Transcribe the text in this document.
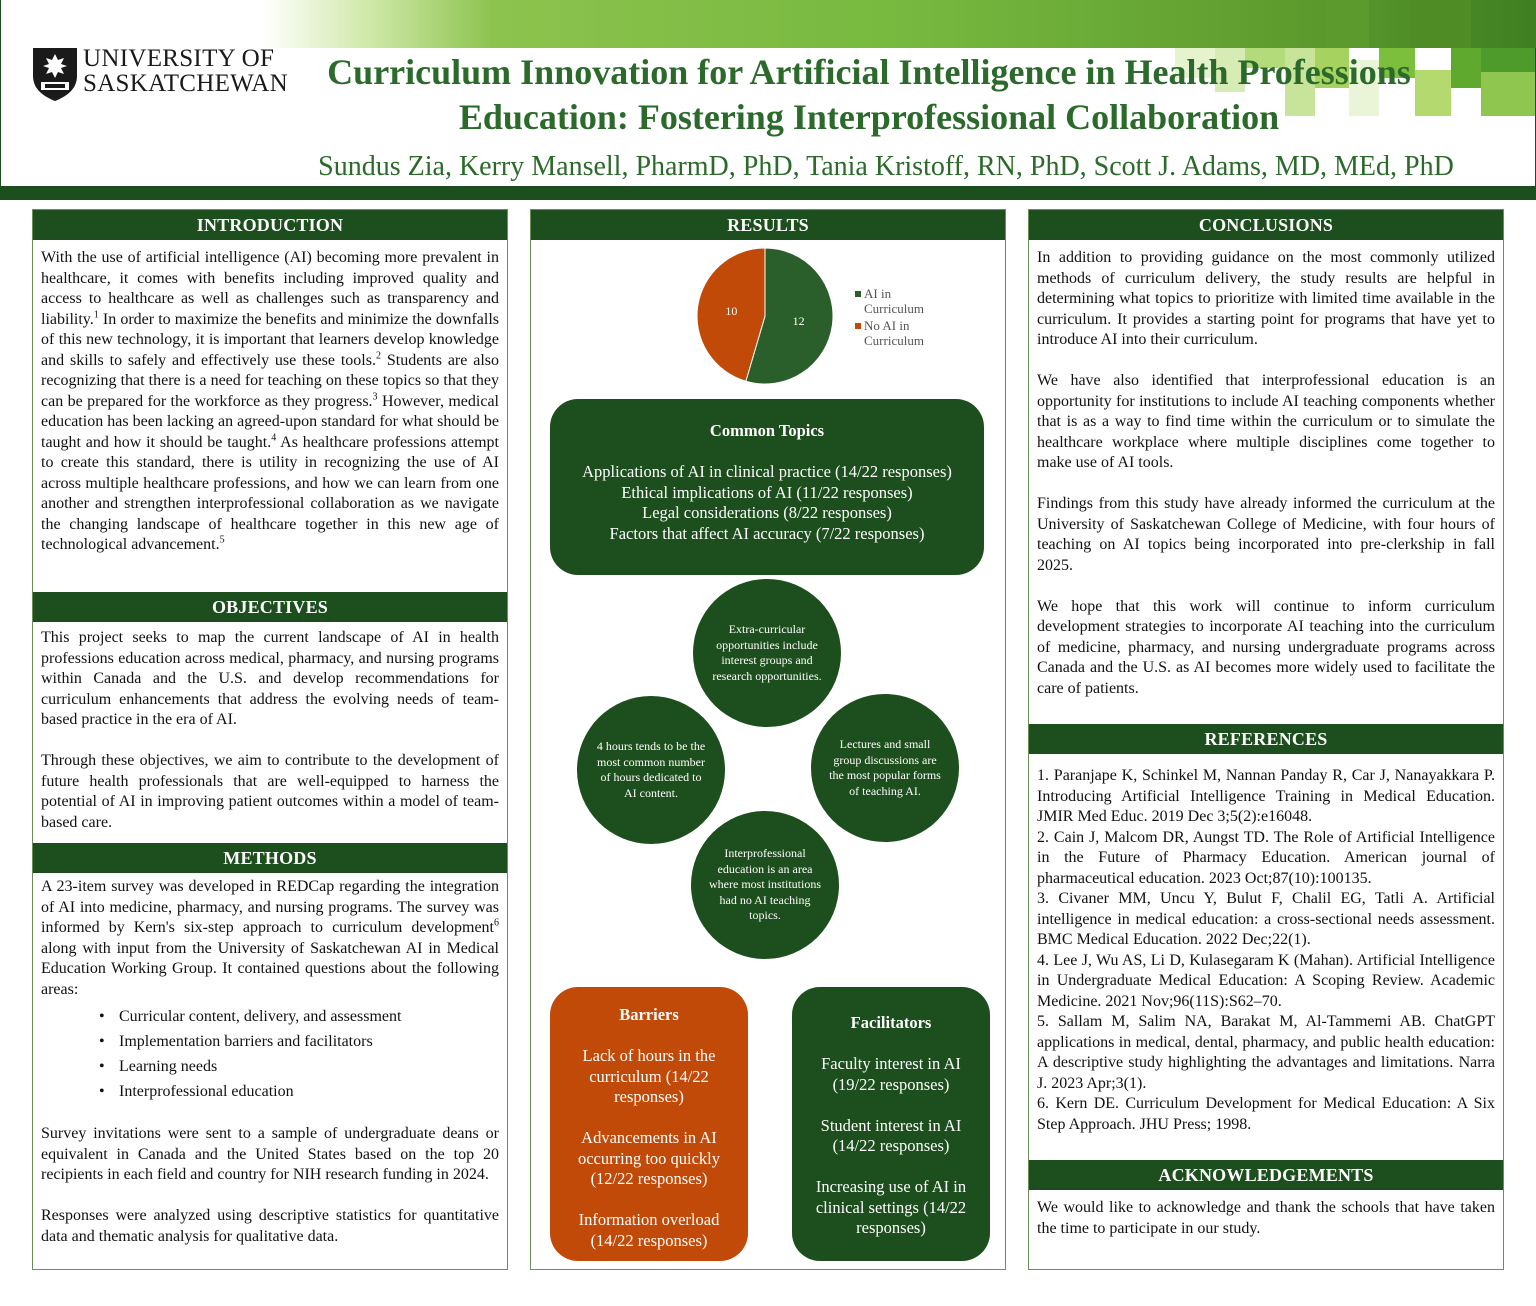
UNIVERSITY OF
SASKATCHEWAN	Curriculum Innovation for Artificial Intelligence in Health Professions
Education: Fostering Interprofessional Collaboration
Sundus Zia, Kerry Mansell, PharmD, PhD, Tania Kristoff, RN, PhD, Scott J. Adams, MD, MEd, PhD
INTRODUCTION

With the use of artificial intelligence (AI) becoming more prevalent in healthcare, it comes with benefits including improved quality and access to healthcare as well as challenges such as transparency and liability.$^1$ In order to maximize the benefits and minimize the downfalls of this new technology, it is important that learners develop knowledge and skills to safely and effectively use these tools.$^2$ Students are also recognizing that there is a need for teaching on these topics so that they can be prepared for the workforce as they progress.$^3$ However, medical education has been lacking an agreed-upon standard for what should be taught and how it should be taught.$^4$ As healthcare professions attempt to create this standard, there is utility in recognizing the use of AI across multiple healthcare professions, and how we can learn from one another and strengthen interprofessional collaboration as we navigate the changing landscape of healthcare together in this new age of technological advancement.$^5$

OBJECTIVES

This project seeks to map the current landscape of AI in health professions education across medical, pharmacy, and nursing programs within Canada and the U.S. and develop recommendations for curriculum enhancements that address the evolving needs of team-based practice in the era of AI.

Through these objectives, we aim to contribute to the development of future health professionals that are well-equipped to harness the potential of AI in improving patient outcomes within a model of team-based care.

METHODS

A 23-item survey was developed in REDCap regarding the integration of AI into medicine, pharmacy, and nursing programs. The survey was informed by Kern's six-step approach to curriculum development$^6$ along with input from the University of Saskatchewan AI in Medical Education Working Group. It contained questions about the following areas:

• Curricular content, delivery, and assessment
• Implementation barriers and facilitators
• Learning needs
• Interprofessional education

Survey invitations were sent to a sample of undergraduate deans or equivalent in Canada and the United States based on the top 20 recipients in each field and country for NIH research funding in 2024.

Responses were analyzed using descriptive statistics for quantitative data and thematic analysis for qualitative data.

RESULTS
12
10
AI in
Curriculum
No AI in
Curriculum
Common Topics
Applications of AI in clinical practice (14/22 responses)
Ethical implications of AI (11/22 responses)
Legal considerations (8/22 responses)
Factors that affect AI accuracy (7/22 responses)
Extra-curricular opportunities include interest groups and research opportunities.
4 hours tends to be the most common number of hours dedicated to AI content.
Lectures and small group discussions are the most popular forms of teaching AI.
Interprofessional education is an area where most institutions had no AI teaching topics.
Barriers
Lack of hours in the curriculum (14/22 responses)
Advancements in AI occurring too quickly (12/22 responses)
Information overload (14/22 responses)
Facilitators
Faculty interest in AI (19/22 responses)
Student interest in AI (14/22 responses)
Increasing use of AI in clinical settings (14/22 responses)
CONCLUSIONS

In addition to providing guidance on the most commonly utilized methods of curriculum delivery, the study results are helpful in determining what topics to prioritize with limited time available in the curriculum. It provides a starting point for programs that have yet to introduce AI into their curriculum.

We have also identified that interprofessional education is an opportunity for institutions to include AI teaching components whether that is as a way to find time within the curriculum or to simulate the healthcare workplace where multiple disciplines come together to make use of AI tools.

Findings from this study have already informed the curriculum at the University of Saskatchewan College of Medicine, with four hours of teaching on AI topics being incorporated into pre-clerkship in fall 2025.

We hope that this work will continue to inform curriculum development strategies to incorporate AI teaching into the curriculum of medicine, pharmacy, and nursing undergraduate programs across Canada and the U.S. as AI becomes more widely used to facilitate the care of patients.

REFERENCES
1. Paranjape K, Schinkel M, Nannan Panday R, Car J, Nanayakkara P. Introducing Artificial Intelligence Training in Medical Education. JMIR Med Educ. 2019 Dec 3;5(2):e16048.
2. Cain J, Malcom DR, Aungst TD. The Role of Artificial Intelligence in the Future of Pharmacy Education. American journal of pharmaceutical education. 2023 Oct;87(10):100135.
3. Civaner MM, Uncu Y, Bulut F, Chalil EG, Tatli A. Artificial intelligence in medical education: a cross-sectional needs assessment. BMC Medical Education. 2022 Dec;22(1).
4. Lee J, Wu AS, Li D, Kulasegaram K (Mahan). Artificial Intelligence in Undergraduate Medical Education: A Scoping Review. Academic Medicine. 2021 Nov;96(11S):S62–70.
5. Sallam M, Salim NA, Barakat M, Al-Tammemi AB. ChatGPT applications in medical, dental, pharmacy, and public health education: A descriptive study highlighting the advantages and limitations. Narra J. 2023 Apr;3(1).
6. Kern DE. Curriculum Development for Medical Education: A Six Step Approach. JHU Press; 1998.
ACKNOWLEDGEMENTS

We would like to acknowledge and thank the schools that have taken the time to participate in our study.
